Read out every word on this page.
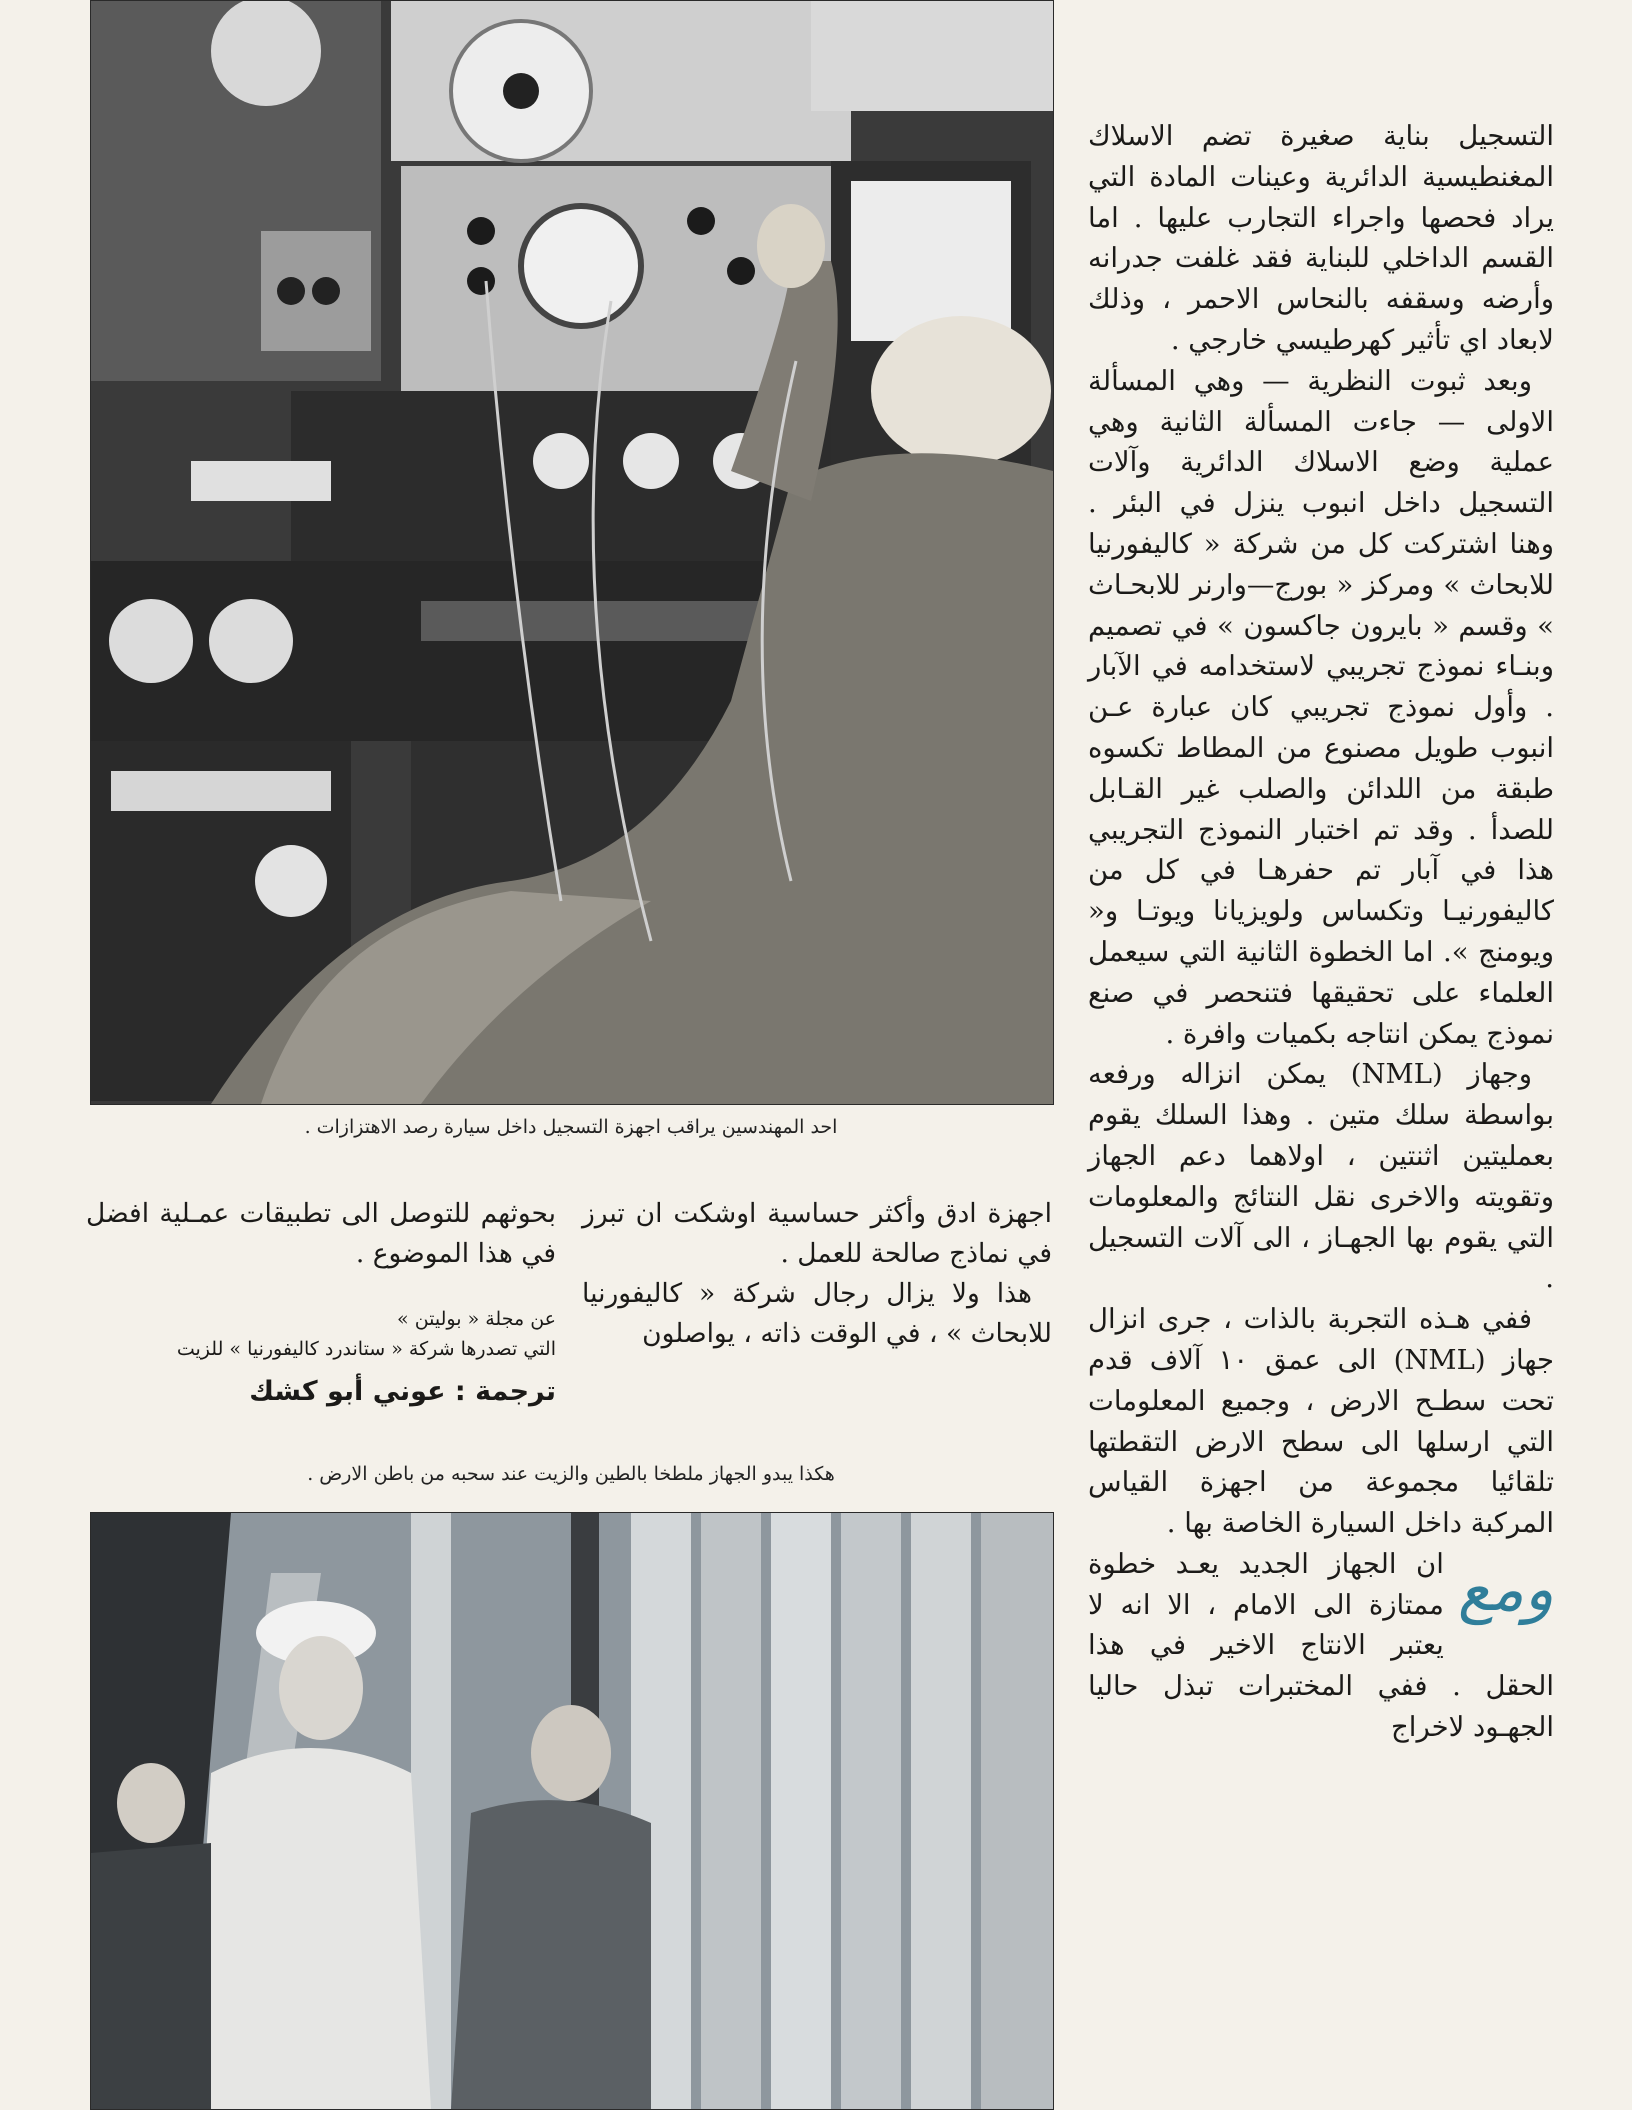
احد المهندسين يراقب اجهزة التسجيل داخل سيارة رصد الاهتزازات .

التسجيل بناية صغيرة تضم الاسلاك المغنطيسية الدائرية وعينات المادة التي يراد فحصها واجراء التجارب عليها . اما القسم الداخلي للبناية فقد غلفت جدرانه وأرضه وسقفه بالنحاس الاحمر ، وذلك لابعاد اي تأثير كهرطيسي خارجي .

وبعد ثبوت النظرية — وهي المسألة الاولى — جاءت المسألة الثانية وهي عملية وضع الاسلاك الدائرية وآلات التسجيل داخل انبوب ينزل في البئر . وهنا اشتركت كل من شركة « كاليفورنيا للابحاث » ومركز « بورج—وارنر للابحـاث » وقسم « بايرون جاكسون » في تصميم وبنـاء نموذج تجريبي لاستخدامه في الآبار . وأول نموذج تجريبي كان عبارة عـن انبوب طويل مصنوع من المطاط تكسوه طبقة من اللدائن والصلب غير القـابل للصدأ . وقد تم اختبار النموذج التجريبي هذا في آبار تم حفرهـا في كل من كاليفورنيـا وتكساس ولويزيانا ويوتـا و« ويومنج ». اما الخطوة الثانية التي سيعمل العلماء على تحقيقها فتنحصر في صنع نموذج يمكن انتاجه بكميات وافرة .

وجهاز (NML) يمكن انزاله ورفعه بواسطة سلك متين . وهذا السلك يقوم بعمليتين اثنتين ، اولاهما دعم الجهاز وتقويته والاخرى نقل النتائج والمعلومات التي يقوم بها الجهـاز ، الى آلات التسجيل .

ففي هـذه التجربة بالذات ، جرى انزال جهاز (NML) الى عمق ١٠ آلاف قدم تحت سطـح الارض ، وجميع المعلومات التي ارسلها الى سطح الارض التقطتها تلقائيا مجموعة من اجهزة القياس المركبة داخل السيارة الخاصة بها .

ومع
ان الجهاز الجديد يعـد خطوة ممتازة الى الامام ، الا انه لا يعتبر الانتاج الاخير في هذا الحقل . ففي المختبرات تبذل حاليا الجهـود لاخراج

اجهزة ادق وأكثر حساسية اوشكت ان تبرز في نماذج صالحة للعمل .

هذا ولا يزال رجال شركة « كاليفورنيا للابحاث » ، في الوقت ذاته ، يواصلون

بحوثهم للتوصل الى تطبيقات عمـلية افضل في هذا الموضوع .

عن مجلة « بوليتن »
التي تصدرها شركة « ستاندرد كاليفورنيا » للزيت
ترجمة : عوني أبو كشك
هكذا يبدو الجهاز ملطخا بالطين والزيت عند سحبه من باطن الارض .
